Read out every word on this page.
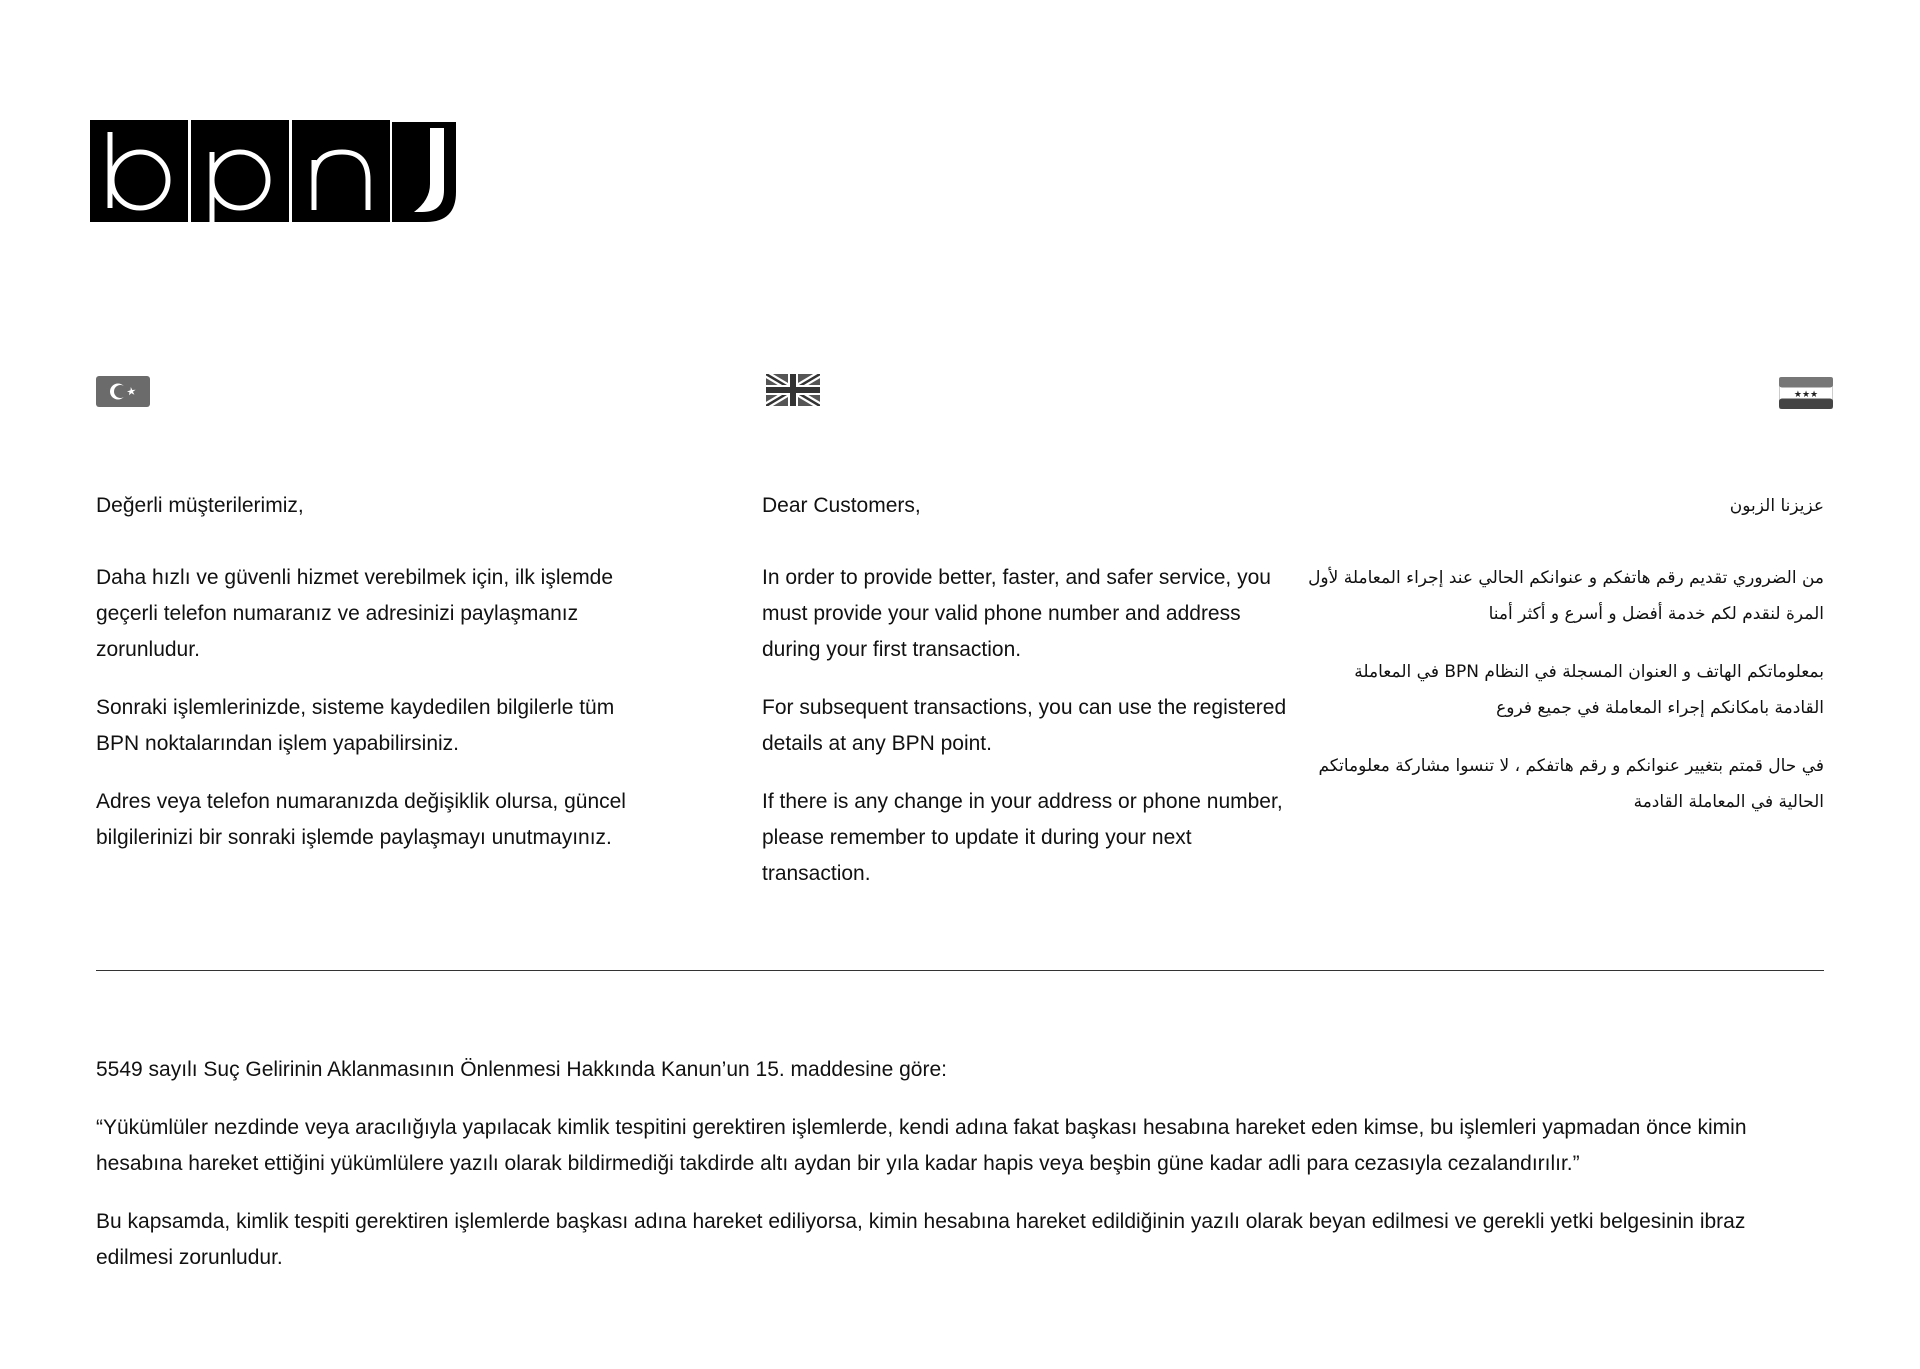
★★★

Değerli müşterilerimiz,

Daha hızlı ve güvenli hizmet verebilmek için, ilk işlemde geçerli telefon numaranız ve adresinizi paylaşmanız zorunludur.

Sonraki işlemlerinizde, sisteme kaydedilen bilgilerle tüm BPN noktalarından işlem yapabilirsiniz.

Adres veya telefon numaranızda değişiklik olursa, güncel bilgilerinizi bir sonraki işlemde paylaşmayı unutmayınız.

Dear Customers,

In order to provide better, faster, and safer service, you must provide your valid phone number and address during your first transaction.

For subsequent transactions, you can use the registered details at any BPN point.

If there is any change in your address or phone number, please remember to update it during your next transaction.

عزيزنا الزبون

من الضروري تقديم رقم هاتفكم و عنوانكم الحالي عند إجراء المعاملة لأول المرة لنقدم لكم خدمة أفضل و أسرع و أكثر أمنا

بمعلوماتكم الهاتف و العنوان المسجلة في النظام BPN في المعاملة القادمة بامكانكم إجراء المعاملة في جميع فروع

في حال قمتم بتغيير عنوانكم و رقم هاتفكم ، لا تنسوا مشاركة معلوماتكم الحالية في المعاملة القادمة

5549 sayılı Suç Gelirinin Aklanmasının Önlenmesi Hakkında Kanun’un 15. maddesine göre:

“Yükümlüler nezdinde veya aracılığıyla yapılacak kimlik tespitini gerektiren işlemlerde, kendi adına fakat başkası hesabına hareket eden kimse, bu işlemleri yapmadan önce kimin hesabına hareket ettiğini yükümlülere yazılı olarak bildirmediği takdirde altı aydan bir yıla kadar hapis veya beşbin güne kadar adli para cezasıyla cezalandırılır.”

Bu kapsamda, kimlik tespiti gerektiren işlemlerde başkası adına hareket ediliyorsa, kimin hesabına hareket edildiğinin yazılı olarak beyan edilmesi ve gerekli yetki belgesinin ibraz edilmesi zorunludur.
